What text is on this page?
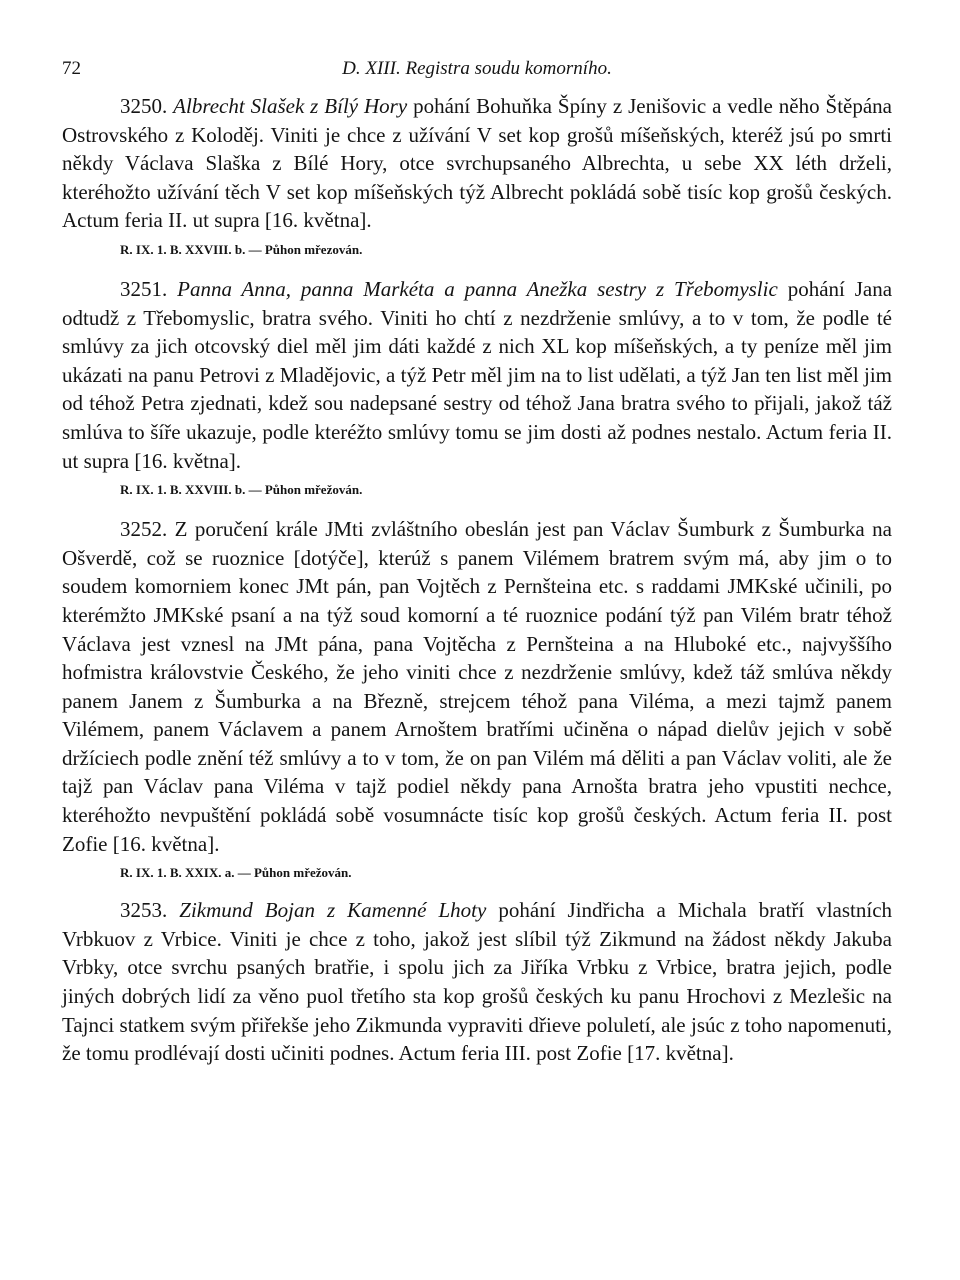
72	D. XIII. Registra soudu komorního.

3250. Albrecht Slašek z Bílý Hory pohání Bohuňka Špíny z Jenišovic a vedle něho Štěpána Ostrovského z Koloděj. Viniti je chce z užívání V set kop grošů míšeňských, kteréž jsú po smrti někdy Václava Slaška z Bílé Hory, otce svrchupsaného Albrechta, u sebe XX léth drželi, kteréhožto užívání těch V set kop míšeňských týž Albrecht pokládá sobě tisíc kop grošů českých. Actum feria II. ut supra [16. května].

R. IX. 1. B. XXVIII. b. — Půhon mřezován.

3251. Panna Anna, panna Markéta a panna Anežka sestry z Třebomyslic pohání Jana odtudž z Třebomyslic, bratra svého. Viniti ho chtí z nezdrženie smlúvy, a to v tom, že podle té smlúvy za jich otcovský diel měl jim dáti každé z nich XL kop míšeňských, a ty peníze měl jim ukázati na panu Petrovi z Mladějovic, a týž Petr měl jim na to list udělati, a týž Jan ten list měl jim od téhož Petra zjednati, kdež sou nadepsané sestry od téhož Jana bratra svého to přijali, jakož táž smlúva to šíře ukazuje, podle kteréžto smlúvy tomu se jim dosti až podnes nestalo. Actum feria II. ut supra [16. května].

R. IX. 1. B. XXVIII. b. — Půhon mřežován.

3252. Z poručení krále JMti zvláštního obeslán jest pan Václav Šumburk z Šumburka na Ošverdě, což se ruoznice [dotýče], kterúž s panem Vilémem bratrem svým má, aby jim o to soudem komorniem konec JMt pán, pan Vojtěch z Pernšteina etc. s raddami JMKské učinili, po kterémžto JMKské psaní a na týž soud komorní a té ruoznice podání týž pan Vilém bratr téhož Václava jest vznesl na JMt pána, pana Vojtěcha z Pernšteina a na Hluboké etc., najvyššího hofmistra královstvie Českého, že jeho viniti chce z nezdrženie smlúvy, kdež táž smlúva někdy panem Janem z Šumburka a na Březně, strejcem téhož pana Viléma, a mezi tajmž panem Vilémem, panem Václavem a panem Arnoštem bratřími učiněna o nápad dielův jejich v sobě držíciech podle znění též smlúvy a to v tom, že on pan Vilém má děliti a pan Václav voliti, ale že tajž pan Václav pana Viléma v tajž podiel někdy pana Arnošta bratra jeho vpustiti nechce, kteréhožto nevpuštění pokládá sobě vosumnácte tisíc kop grošů českých. Actum feria II. post Zofie [16. května].

R. IX. 1. B. XXIX. a. — Půhon mřežován.

3253. Zikmund Bojan z Kamenné Lhoty pohání Jindřicha a Michala bratří vlastních Vrbkuov z Vrbice. Viniti je chce z toho, jakož jest slíbil týž Zikmund na žádost někdy Jakuba Vrbky, otce svrchu psaných bratřie, i spolu jich za Jiříka Vrbku z Vrbice, bratra jejich, podle jiných dobrých lidí za věno puol třetího sta kop grošů českých ku panu Hrochovi z Mezlešic na Tajnci statkem svým přiřekše jeho Zikmunda vypraviti dřieve poluletí, ale jsúc z toho napomenuti, že tomu prodlévají dosti učiniti podnes. Actum feria III. post Zofie [17. května].
